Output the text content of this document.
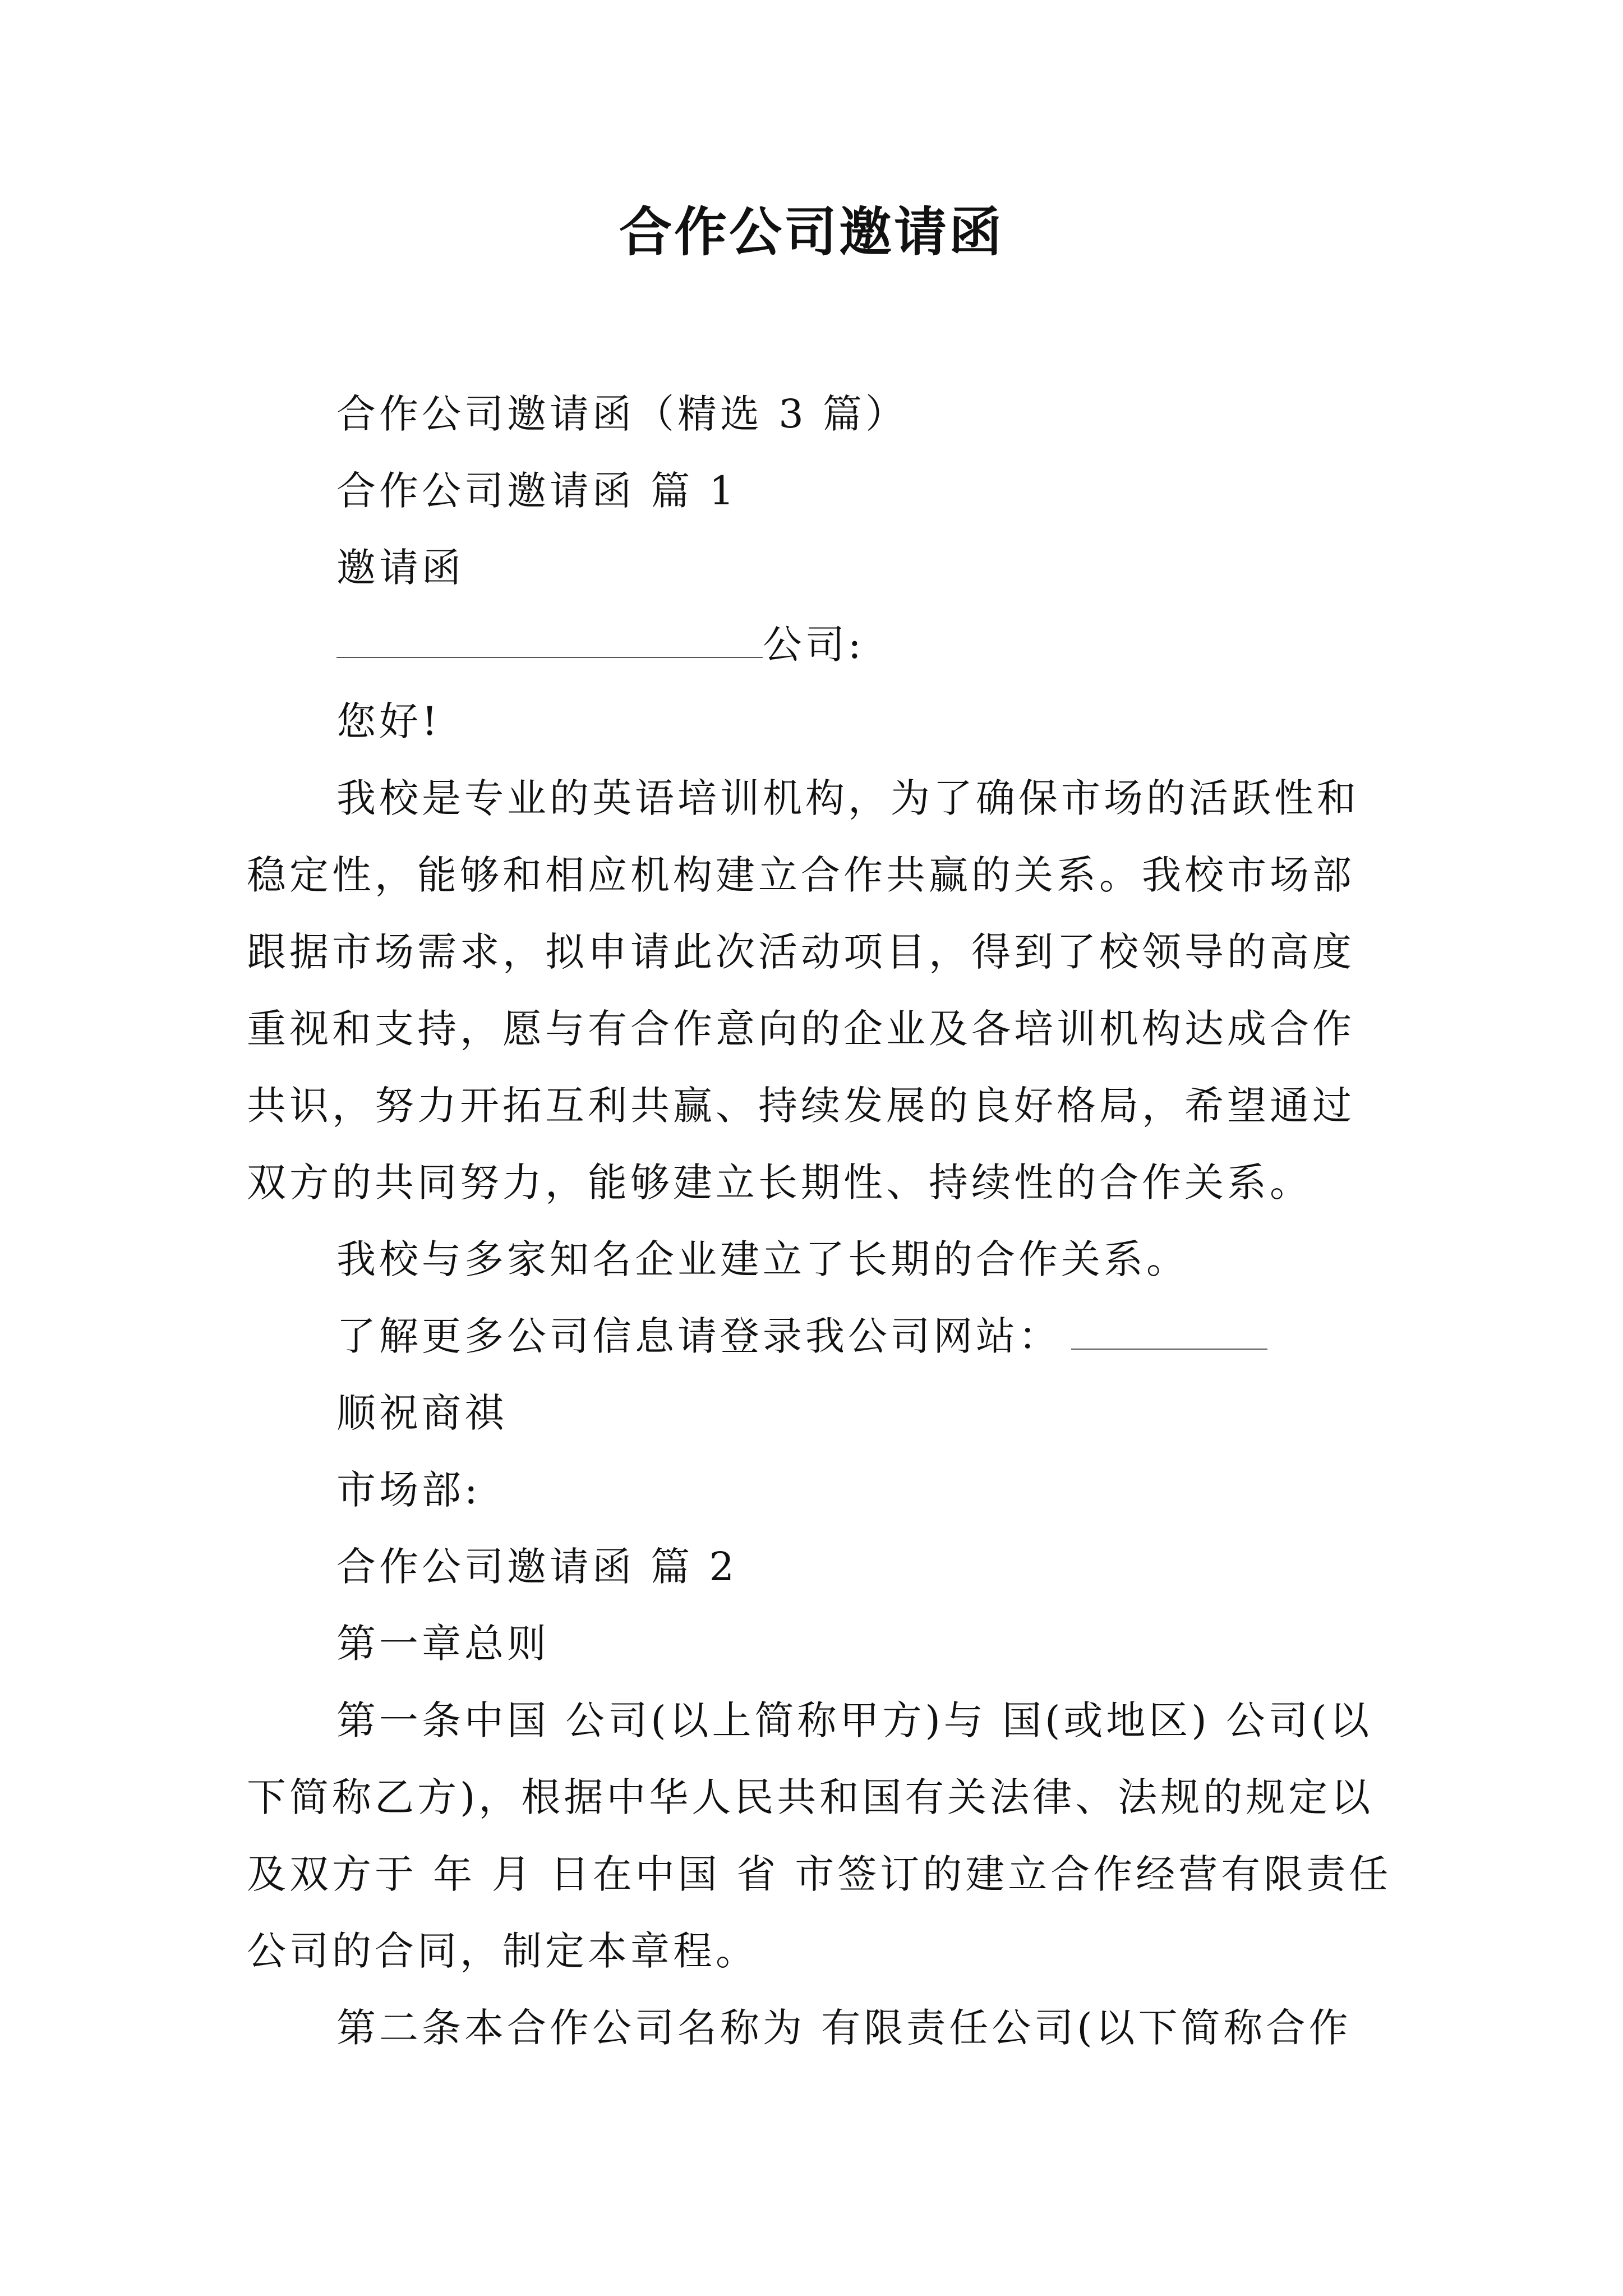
合作公司邀请函

合作公司邀请函（精选 3 篇）

合作公司邀请函 篇 1

邀请函

公司:

您好!

我校是专业的英语培训机构，为了确保市场的活跃性和稳定性，能够和相应机构建立合作共赢的关系。我校市场部跟据市场需求，拟申请此次活动项目，得到了校领导的高度重视和支持，愿与有合作意向的企业及各培训机构达成合作共识，努力开拓互利共赢、持续发展的良好格局，希望通过双方的共同努力，能够建立长期性、持续性的合作关系。

我校与多家知名企业建立了长期的合作关系。

了解更多公司信息请登录我公司网站：

顺祝商祺

市场部:

合作公司邀请函 篇 2

第一章总则

第一条中国 公司(以上简称甲方)与 国(或地区) 公司(以下简称乙方)，根据中华人民共和国有关法律、法规的规定以及双方于 年 月 日在中国 省 市签订的建立合作经营有限责任公司的合同，制定本章程。

第二条本合作公司名称为 有限责任公司(以下简称合作
